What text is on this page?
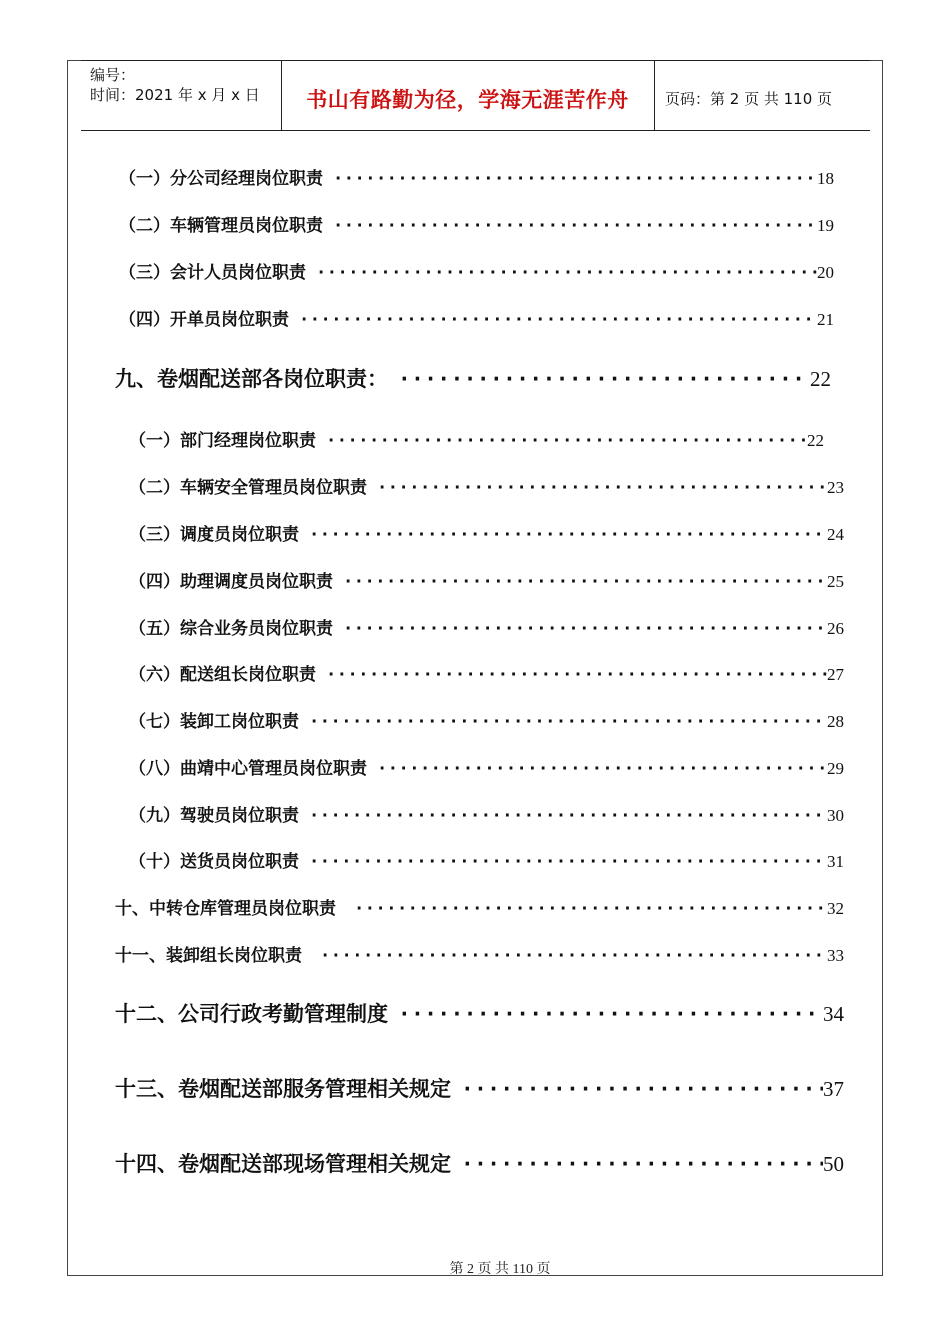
编号：
时间：2021 年 x 月 x 日	书山有路勤为径，学海无涯苦作舟	页码：第 2 页 共 110 页
（一）分公司经理岗位职责 ·····	18
（二）车辆管理员岗位职责 ·····	19
（三）会计人员岗位职责 ·····	20
（四）开单员岗位职责 ·····	21
九、卷烟配送部各岗位职责： ·····	22
（一）部门经理岗位职责 ·····	22
（二）车辆安全管理员岗位职责 ·····	23
（三）调度员岗位职责 ·····	24
（四）助理调度员岗位职责 ·····	25
（五）综合业务员岗位职责 ·····	26
（六）配送组长岗位职责 ·····	27
（七）装卸工岗位职责 ·····	28
（八）曲靖中心管理员岗位职责 ·····	29
（九）驾驶员岗位职责 ·····	30
（十）送货员岗位职责 ·····	31
十、中转仓库管理员岗位职责 ·····	32
十一、装卸组长岗位职责 ·····	33
十二、公司行政考勤管理制度 ·····	34
十三、卷烟配送部服务管理相关规定 ·····	37
十四、卷烟配送部现场管理相关规定 ·····	50
第 2 页 共 110 页
